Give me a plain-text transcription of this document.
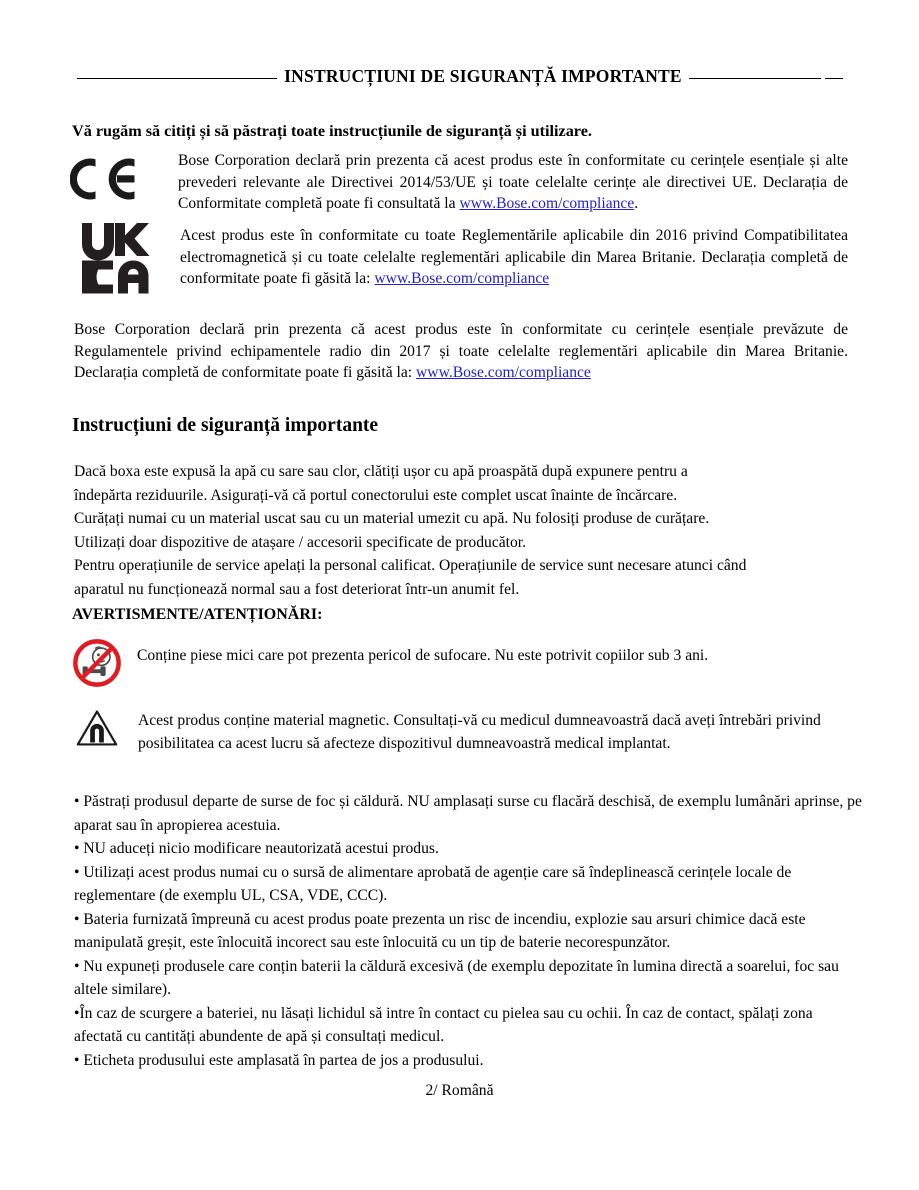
INSTRUCȚIUNI DE SIGURANȚĂ IMPORTANTE
Vă rugăm să citiți și să păstrați toate instrucțiunile de siguranță și utilizare.
Bose Corporation declară prin prezenta că acest produs este în conformitate cu cerințele esențiale și alte prevederi relevante ale Directivei 2014/53/UE și toate celelalte cerințe ale directivei UE. Declarația de Conformitate completă poate fi consultată la www.Bose.com/compliance.
Acest produs este în conformitate cu toate Reglementările aplicabile din 2016 privind Compatibilitatea electromagnetică și cu toate celelalte reglementări aplicabile din Marea Britanie. Declarația completă de conformitate poate fi găsită la: www.Bose.com/compliance
Bose Corporation declară prin prezenta că acest produs este în conformitate cu cerințele esențiale prevăzute de Regulamentele privind echipamentele radio din 2017 și toate celelalte reglementări aplicabile din Marea Britanie. Declarația completă de conformitate poate fi găsită la: www.Bose.com/compliance
Instrucțiuni de siguranță importante
Dacă boxa este expusă la apă cu sare sau clor, clătiți ușor cu apă proaspătă după expunere pentru a
îndepărta reziduurile. Asigurați-vă că portul conectorului este complet uscat înainte de încărcare.
Curățați numai cu un material uscat sau cu un material umezit cu apă. Nu folosiți produse de curățare.
Utilizați doar dispozitive de atașare / accesorii specificate de producător.
Pentru operațiunile de service apelați la personal calificat. Operațiunile de service sunt necesare atunci când
aparatul nu funcționează normal sau a fost deteriorat într-un anumit fel.
AVERTISMENTE/ATENȚIONĂRI:
Conține piese mici care pot prezenta pericol de sufocare. Nu este potrivit copiilor sub 3 ani.
Acest produs conține material magnetic. Consultați-vă cu medicul dumneavoastră dacă aveți întrebări privind posibilitatea ca acest lucru să afecteze dispozitivul dumneavoastră medical implantat.

• Păstrați produsul departe de surse de foc și căldură. NU amplasați surse cu flacără deschisă, de exemplu lumânări aprinse, pe aparat sau în apropierea acestuia.

• NU aduceți nicio modificare neautorizată acestui produs.

• Utilizați acest produs numai cu o sursă de alimentare aprobată de agenție care să îndeplinească cerințele locale de reglementare (de exemplu UL, CSA, VDE, CCC).

• Bateria furnizată împreună cu acest produs poate prezenta un risc de incendiu, explozie sau arsuri chimice dacă este manipulată greșit, este înlocuită incorect sau este înlocuită cu un tip de baterie necorespunzător.

• Nu expuneți produsele care conțin baterii la căldură excesivă (de exemplu depozitate în lumina directă a soarelui, foc sau altele similare).

•În caz de scurgere a bateriei, nu lăsați lichidul să intre în contact cu pielea sau cu ochii. În caz de contact, spălați zona afectată cu cantități abundente de apă și consultați medicul.

• Eticheta produsului este amplasată în partea de jos a produsului.

2/ Română
